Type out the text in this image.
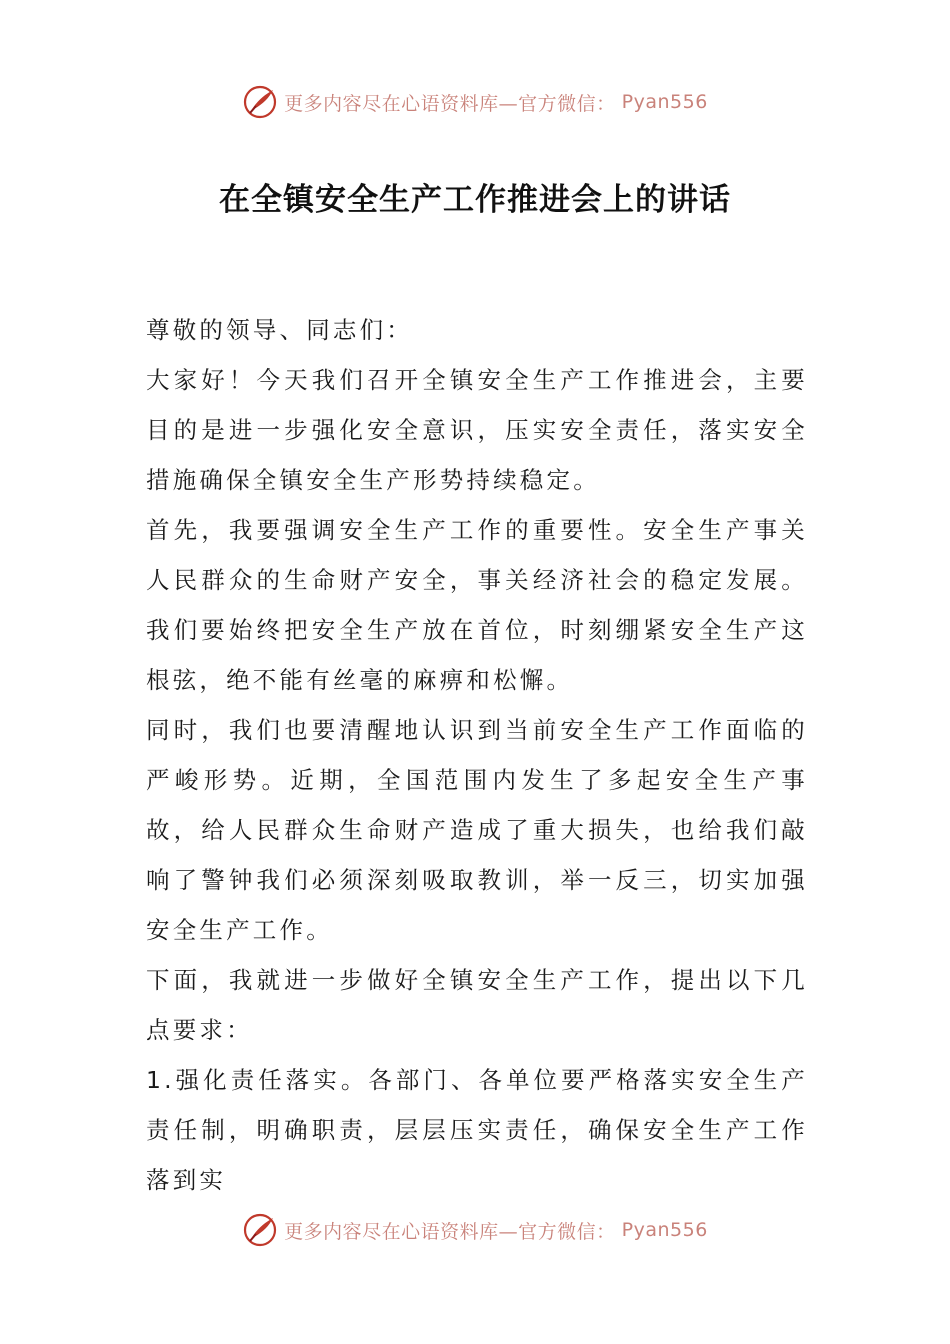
更多内容尽在心语资料库—官方微信： Pyan556
在全镇安全生产工作推进会上的讲话

尊敬的领导、同志们：

大家好！今天我们召开全镇安全生产工作推进会，主要目的是进一步强化安全意识，压实安全责任，落实安全措施确保全镇安全生产形势持续稳定。

首先，我要强调安全生产工作的重要性。安全生产事关人民群众的生命财产安全，事关经济社会的稳定发展。我们要始终把安全生产放在首位，时刻绷紧安全生产这根弦，绝不能有丝毫的麻痹和松懈。

同时，我们也要清醒地认识到当前安全生产工作面临的严峻形势。近期，全国范围内发生了多起安全生产事故，给人民群众生命财产造成了重大损失，也给我们敲响了警钟我们必须深刻吸取教训，举一反三，切实加强安全生产工作。

下面，我就进一步做好全镇安全生产工作，提出以下几点要求：

1.强化责任落实。各部门、各单位要严格落实安全生产责任制，明确职责，层层压实责任，确保安全生产工作落到实

更多内容尽在心语资料库—官方微信： Pyan556
